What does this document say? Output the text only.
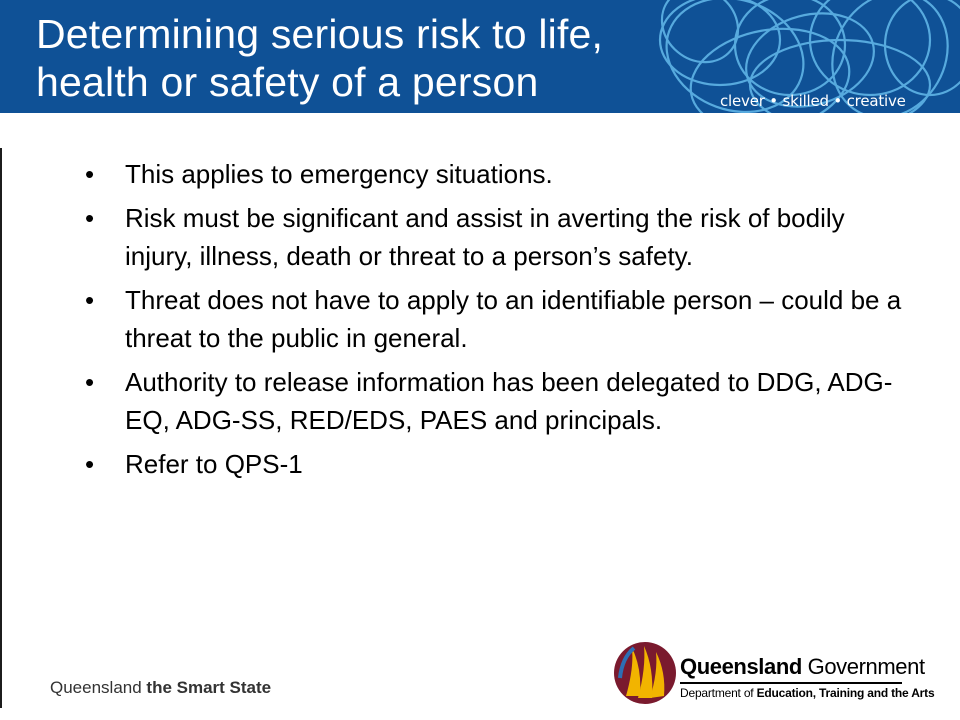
Determining serious risk to life,
health or safety of a person	clever • skilled • creative
• This applies to emergency situations.
• Risk must be significant and assist in averting the risk of bodily injury, illness, death or threat to a person’s safety.
• Threat does not have to apply to an identifiable person – could be a threat to the public in general.
• Authority to release information has been delegated to DDG, ADG-EQ, ADG-SS, RED/EDS, PAES and principals.
• Refer to QPS-1
Queensland the Smart State
Queensland Government
Department of Education, Training and the Arts
